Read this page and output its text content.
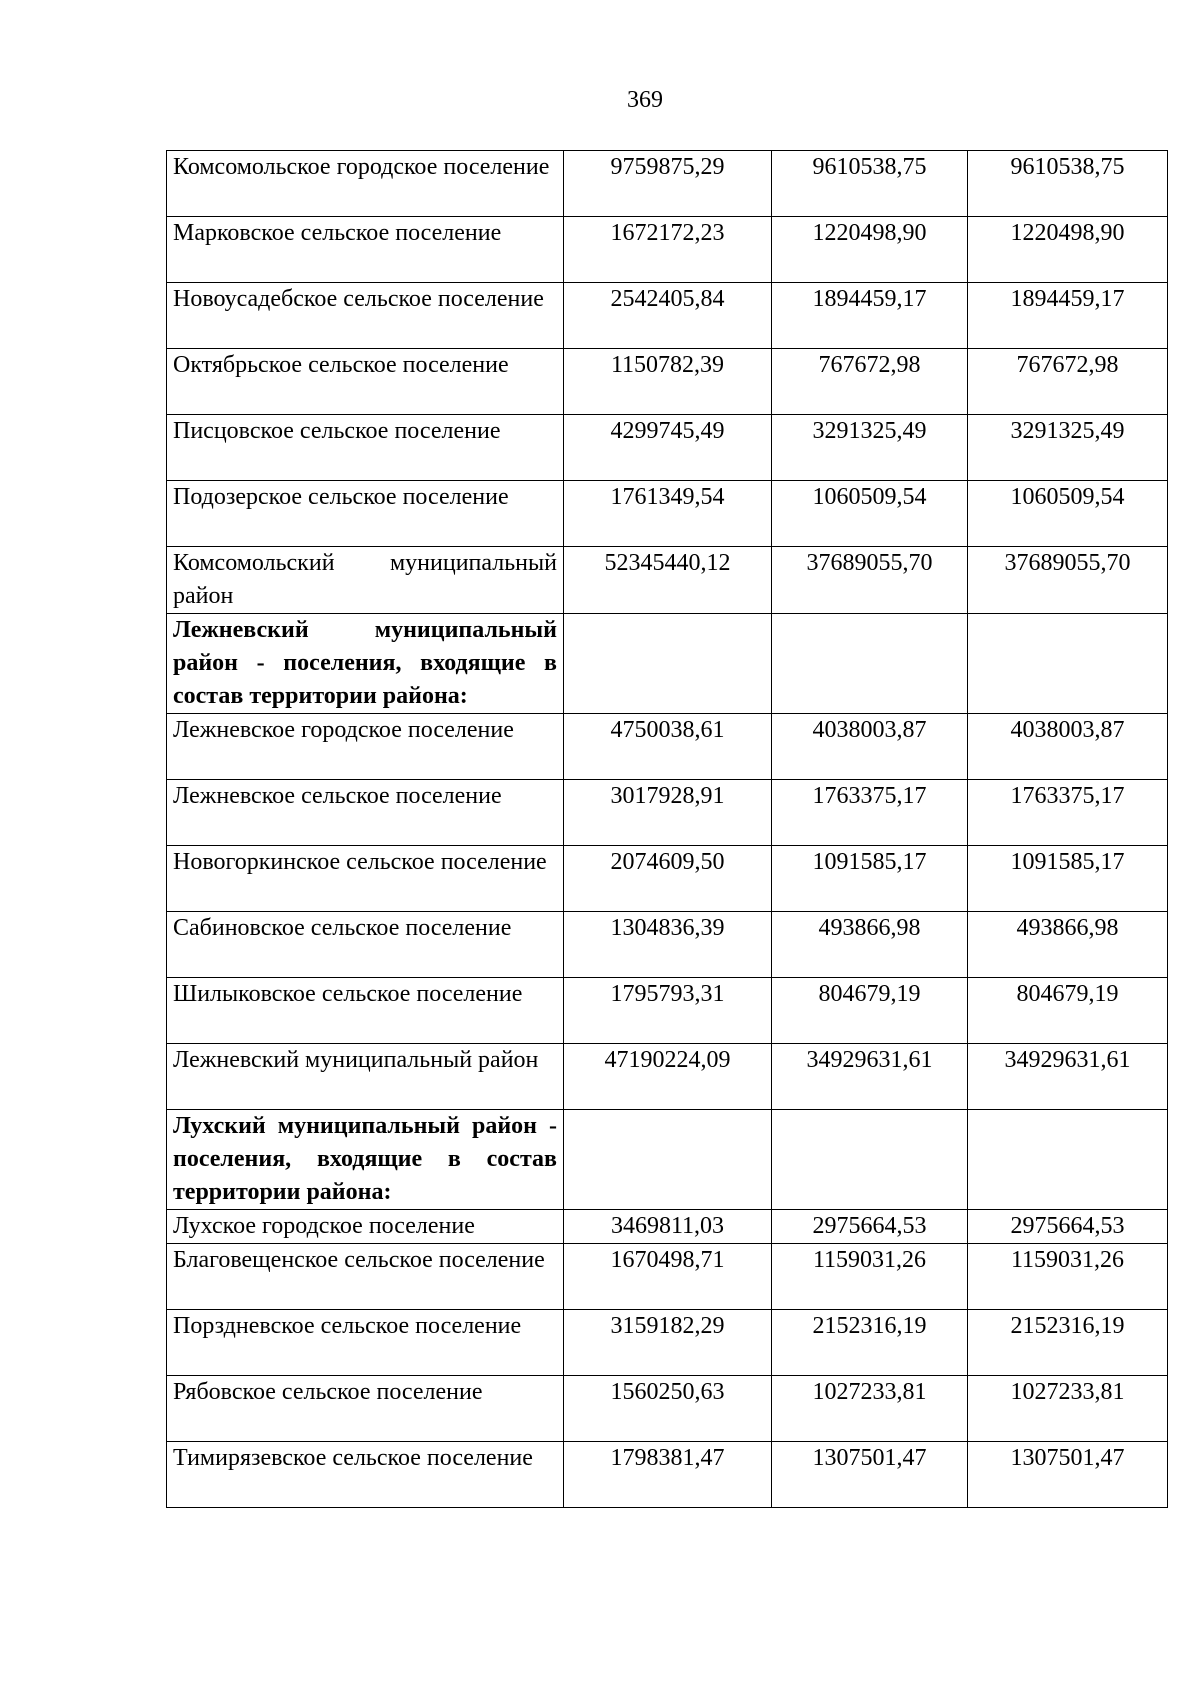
369
Комсомольское городское поселение	9759875,29	9610538,75	9610538,75
Марковское сельское поселение	1672172,23	1220498,90	1220498,90
Новоусадебское сельское поселение	2542405,84	1894459,17	1894459,17
Октябрьское сельское поселение	1150782,39	767672,98	767672,98
Писцовское сельское поселение	4299745,49	3291325,49	3291325,49
Подозерское сельское поселение	1761349,54	1060509,54	1060509,54
Комсомольский муниципальный район	52345440,12	37689055,70	37689055,70
Лежневский муниципальный район - поселения, входящие в состав территории района:			
Лежневское городское поселение	4750038,61	4038003,87	4038003,87
Лежневское сельское поселение	3017928,91	1763375,17	1763375,17
Новогоркинское сельское поселение	2074609,50	1091585,17	1091585,17
Сабиновское сельское поселение	1304836,39	493866,98	493866,98
Шилыковское сельское поселение	1795793,31	804679,19	804679,19
Лежневский муниципальный район	47190224,09	34929631,61	34929631,61
Лухский муниципальный район - поселения, входящие в состав территории района:			
Лухское городское поселение	3469811,03	2975664,53	2975664,53
Благовещенское сельское поселение	1670498,71	1159031,26	1159031,26
Порздневское сельское поселение	3159182,29	2152316,19	2152316,19
Рябовское сельское поселение	1560250,63	1027233,81	1027233,81
Тимирязевское сельское поселение	1798381,47	1307501,47	1307501,47
